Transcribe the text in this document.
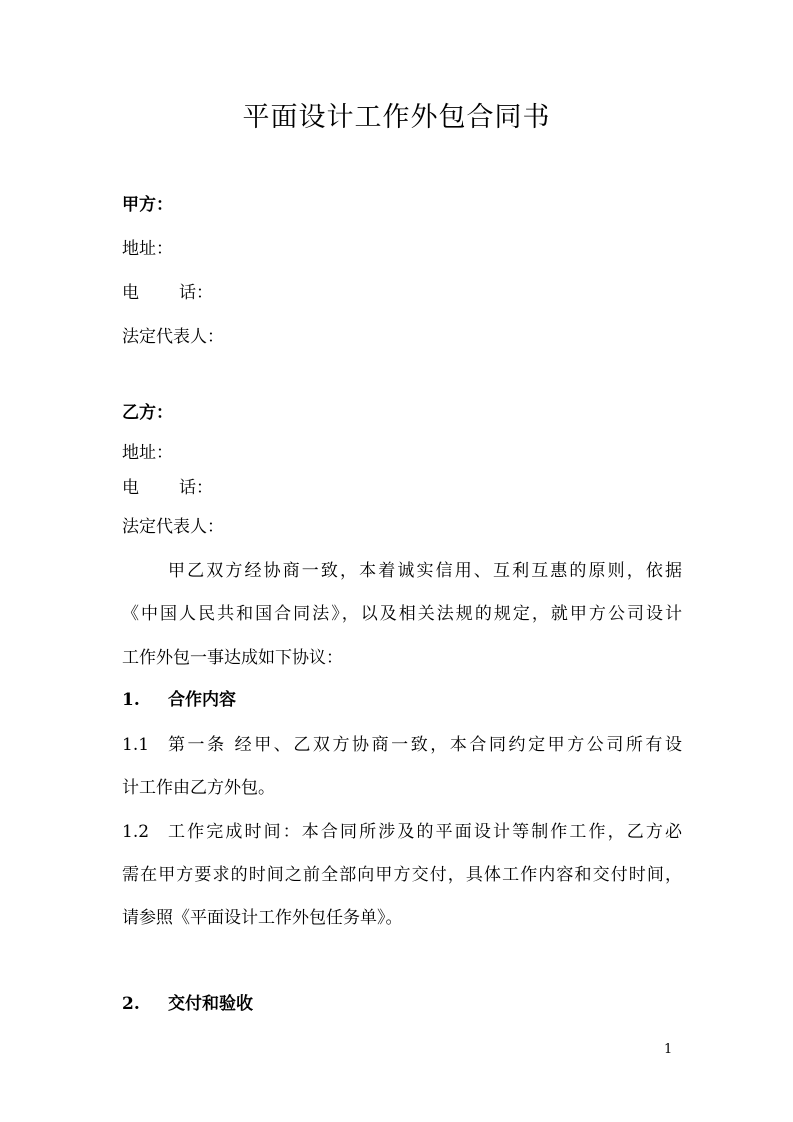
平面设计工作外包合同书
甲方：
地址：
电 话：
法定代表人：
乙方：
地址：
电 话：
法定代表人：
甲乙双方经协商一致，本着诚实信用、互利互惠的原则，依据
《中国人民共和国合同法》，以及相关法规的规定，就甲方公司设计
工作外包一事达成如下协议：
1. 合作内容
1.1	第一条 经甲、乙双方协商一致，本合同约定甲方公司所有设
计工作由乙方外包。
1.2	工作完成时间：本合同所涉及的平面设计等制作工作，乙方必
需在甲方要求的时间之前全部向甲方交付，具体工作内容和交付时间，
请参照《平面设计工作外包任务单》。
2. 交付和验收
1
